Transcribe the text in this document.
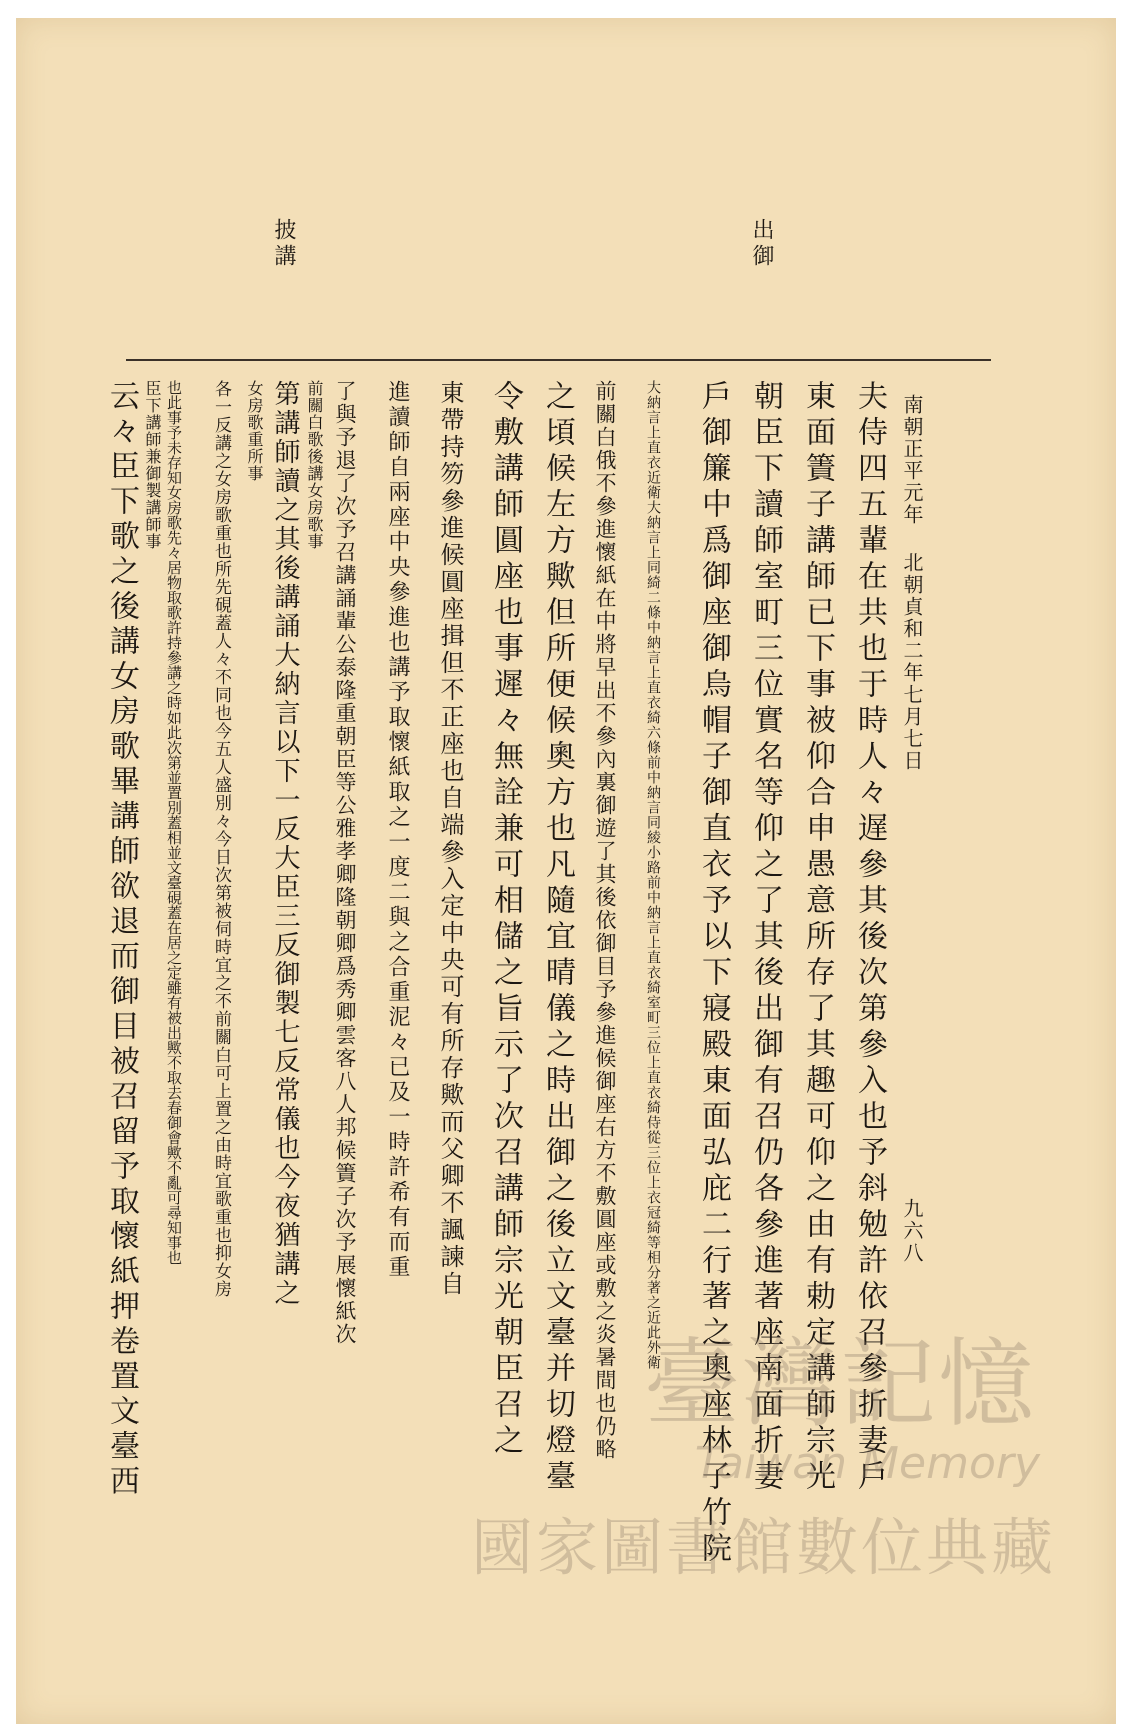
南朝正平元年 北朝貞和二年七月七日
九六八
出御
披講
夫侍四五輩在共也于時人々遅參其後次第參入也予斜勉許依召參折妻戶
東面簀子講師已下事被仰合申愚意所存了其趣可仰之由有勅定講師宗光
朝臣下讀師室町三位實名等仰之了其後出御有召仍各參進著座南面折妻
戶御簾中爲御座御烏帽子御直衣予以下寢殿東面弘庇二行著之奧座林子竹院
大納言上直衣近衛大納言上同綺二條中納言上直衣綺六條前中納言同綾小路前中納言上直衣綺室町三位上直衣綺侍從三位上衣冠綺等相分著之近此外衛
前關白俄不參進懷紙在中將早出不參內裏御遊了其後依御目予參進候御座右方不敷圓座或敷之炎暑間也仍略
之頃候左方歟但所便候奧方也凡隨宜晴儀之時出御之後立文臺并切燈臺
令敷講師圓座也事遲々無詮兼可相儲之旨示了次召講師宗光朝臣召之
東帶持笏參進候圓座揖但不正座也自端參入定中央可有所存歟而父卿不諷諫自
進讀師自兩座中央參進也講予取懷紙取之一度二與之合重泥々已及一時許希有而重
了與予退了次予召講誦輩公泰隆重朝臣等公雅孝卿隆朝卿爲秀卿雲客八人邦候簀子次予展懷紙次
前關白歌後講女房歌事
第講師讀之其後講誦大納言以下一反大臣三反御製七反常儀也今夜猶講之
女房歌重所事
各一反講之女房歌重也所先硯蓋人々不同也今五人盛別々今日次第被伺時宜之不前關白可上置之由時宜歌重也抑女房
也此事予未存知女房歌先々居物取歌許持參講之時如此次第並置別蓋相並文臺硯蓋在居之定雖有被出歟不取去春御會歟不亂可尋知事也
臣下講師兼御製講師事
云々臣下歌之後講女房歌畢講師欲退而御目被召留予取懷紙押卷置文臺西	臺灣記憶
Taiwan Memory
國家圖書館數位典藏
